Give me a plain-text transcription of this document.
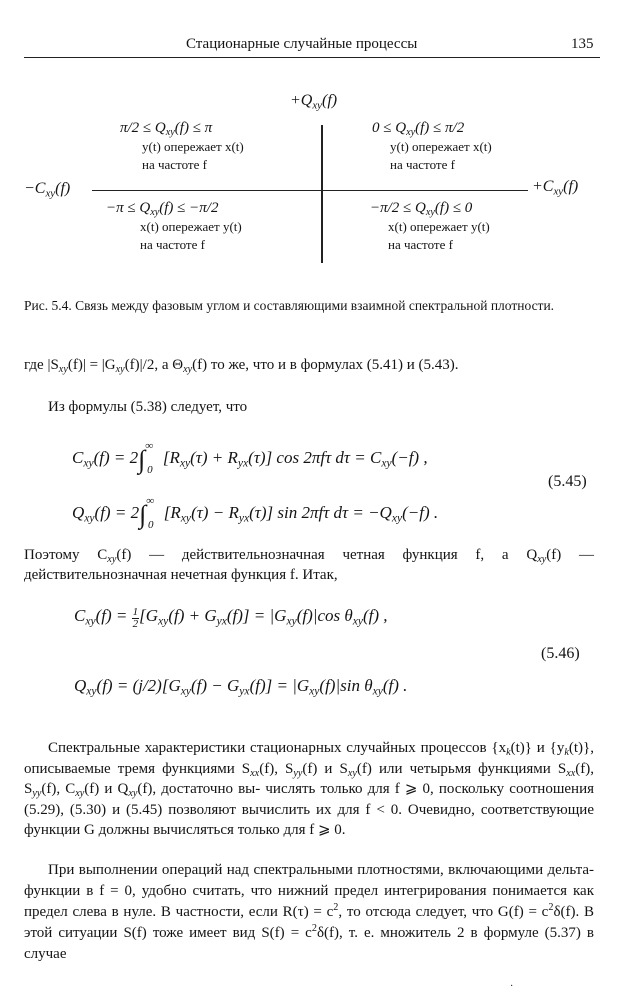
Стационарные случайные процессы	135
$+Q_{xy}(f)$
$-C_{xy}(f)$	$+C_{xy}(f)$
$\pi/2 \le Q_{xy}(f) \le \pi$
y(t) опережает x(t)
на частоте f
$0 \le Q_{xy}(f) \le \pi/2$
y(t) опережает x(t)
на частоте f
$-\pi \le Q_{xy}(f) \le -\pi/2$
x(t) опережает y(t)
на частоте f
$-\pi/2 \le Q_{xy}(f) \le 0$
x(t) опережает y(t)
на частоте f
Рис. 5.4. Связь между фазовым углом и составляющими взаимной спектральной плотности.
где $|S_{xy}(f)| = |G_{xy}(f)|/2$, а $\Theta_{xy}(f)$ то же, что и в формулах (5.41) и (5.43).
Из формулы (5.38) следует, что
$C_{xy}(f) = 2\int^\infty_0$ $[R_{xy}(\tau) + R_{yx}(\tau)]$ cos 2πfτ $d\tau = C_{xy}(-f)$ ,
(5.45)
$Q_{xy}(f) = 2\int^\infty_0$ $[R_{xy}(\tau) - R_{yx}(\tau)]$ sin 2πfτ $d\tau = -Q_{xy}(-f)$ .
Поэтому $C_{xy}(f)$ — действительнозначная четная функция f, а $Q_{xy}(f)$ — действительнозначная нечетная функция f. Итак,
$C_{xy}(f) = \frac{1}{2} [G_{xy}(f) + G_{yx}(f)] = |G_{xy}(f)|\cos$ $\theta_{xy}(f)$ ,
(5.46)
$Q_{xy}(f) = (j/2)[G_{xy}(f) - G_{yx}(f)] = |G_{xy}(f)|\sin$ $\theta_{xy}(f)$ .
Спектральные характеристики стационарных случайных процессов $\{x_k(t)\}$ и $\{y_k(t)\}$, описываемые тремя функциями $S_{xx}(f)$, $S_{yy}(f)$ и $S_{xy}(f)$ или четырьмя функциями $S_{xx}(f)$, $S_{yy}(f)$, $C_{xy}(f)$ и $Q_{xy}(f)$, достаточно вы- числять только для f ⩾ 0, поскольку соотношения (5.29), (5.30) и (5.45) позволяют вычислить их для f < 0. Очевидно, соответствующие функции G должны вычисляться только для f ⩾ 0.
При выполнении операций над спектральными плотностями, включающими дельта-функции в f = 0, удобно считать, что нижний предел интегрирования понимается как предел слева в нуле. В частности, если $R(\tau) = c^2$, то отсюда следует, что $G(f) = c^2\delta(f)$. В этой ситуации S(f) тоже имеет вид $S(f) = c^2\delta(f)$, т. е. множитель 2 в формуле (5.37) в случае
·
